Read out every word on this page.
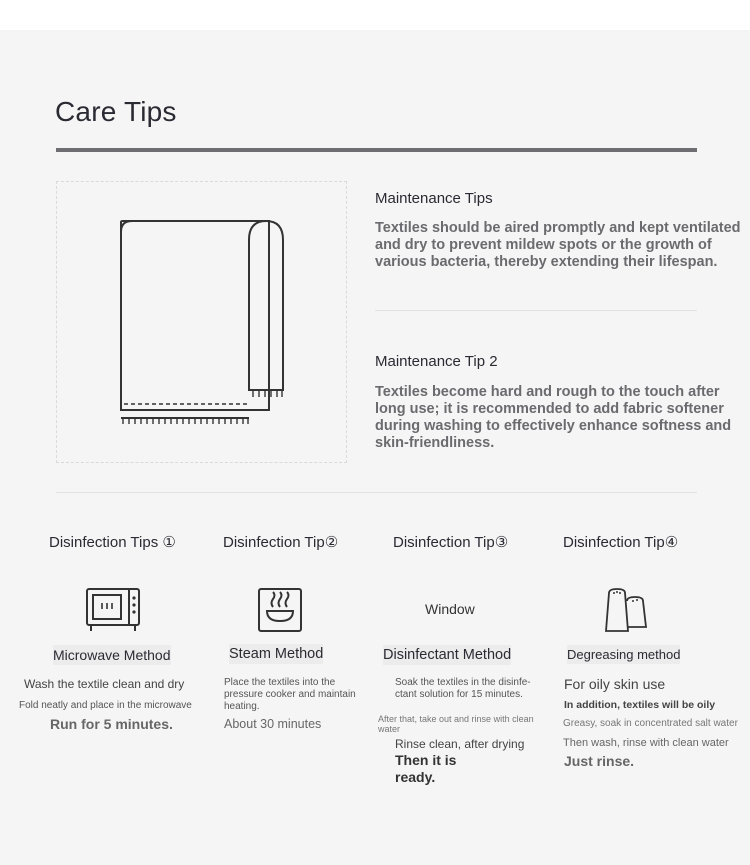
Care Tips
Maintenance Tips
Textiles should be aired promptly and kept ventilated and dry to prevent mildew spots or the growth of various bacteria, thereby extending their lifespan.
Maintenance Tip 2
Textiles become hard and rough to the touch after long use; it is recommended to add fabric softener during washing to effectively enhance softness and skin-friendliness.
Disinfection Tips ①	Disinfection Tip②	Disinfection Tip③	Disinfection Tip④
Window
Microwave Method	Steam Method	Disinfectant Method	Degreasing method
Wash the textile clean and dry
Fold neatly and place in the microwave
Run for 5 minutes.
Place the textiles into the pressure cooker and maintain heating.
About 30 minutes
Soak the textiles in the disinfe-ctant solution for 15 minutes.
After that, take out and rinse with clean water
Rinse clean, after drying
Then it is ready.
For oily skin use
In addition, textiles will be oily
Greasy, soak in concentrated salt water
Then wash, rinse with clean water
Just rinse.
